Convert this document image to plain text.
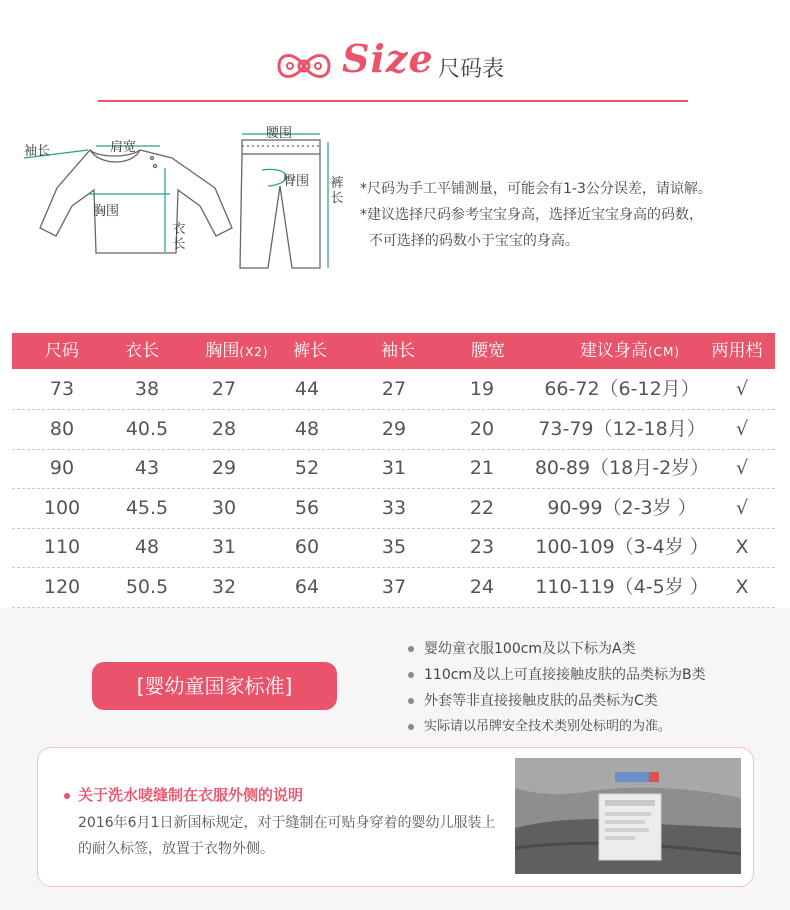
Size 尺码表
袖长	肩宽
胸围
衣长
腰围
臀围 裤长
*尺码为手工平铺测量，可能会有1-3公分误差，请谅解。
*建议选择尺码参考宝宝身高，选择近宝宝身高的码数，
不可选择的码数小于宝宝的身高。
尺码	衣长	胸围(X2)	裤长	袖长	腰宽	建议身高(CM)	两用档
73	38	27	44	27	19	66-72（6-12月）	√
80	40.5	28	48	29	20	73-79（12-18月）	√
90	43	29	52	31	21	80-89（18月-2岁）	√
100	45.5	30	56	33	22	90-99（2-3岁 ）	√
110	48	31	60	35	23	100-109（3-4岁 ）	X
120	50.5	32	64	37	24	110-119（4-5岁 ）	X
[婴幼童国家标准]
婴幼童衣服100cm及以下标为A类
110cm及以上可直接接触皮肤的品类标为B类
外套等非直接接触皮肤的品类标为C类
实际请以吊牌安全技术类别处标明的为准。
关于洗水唛缝制在衣服外侧的说明
2016年6月1日新国标规定，对于缝制在可贴身穿着的婴幼儿服装上的耐久标签，放置于衣物外侧。
